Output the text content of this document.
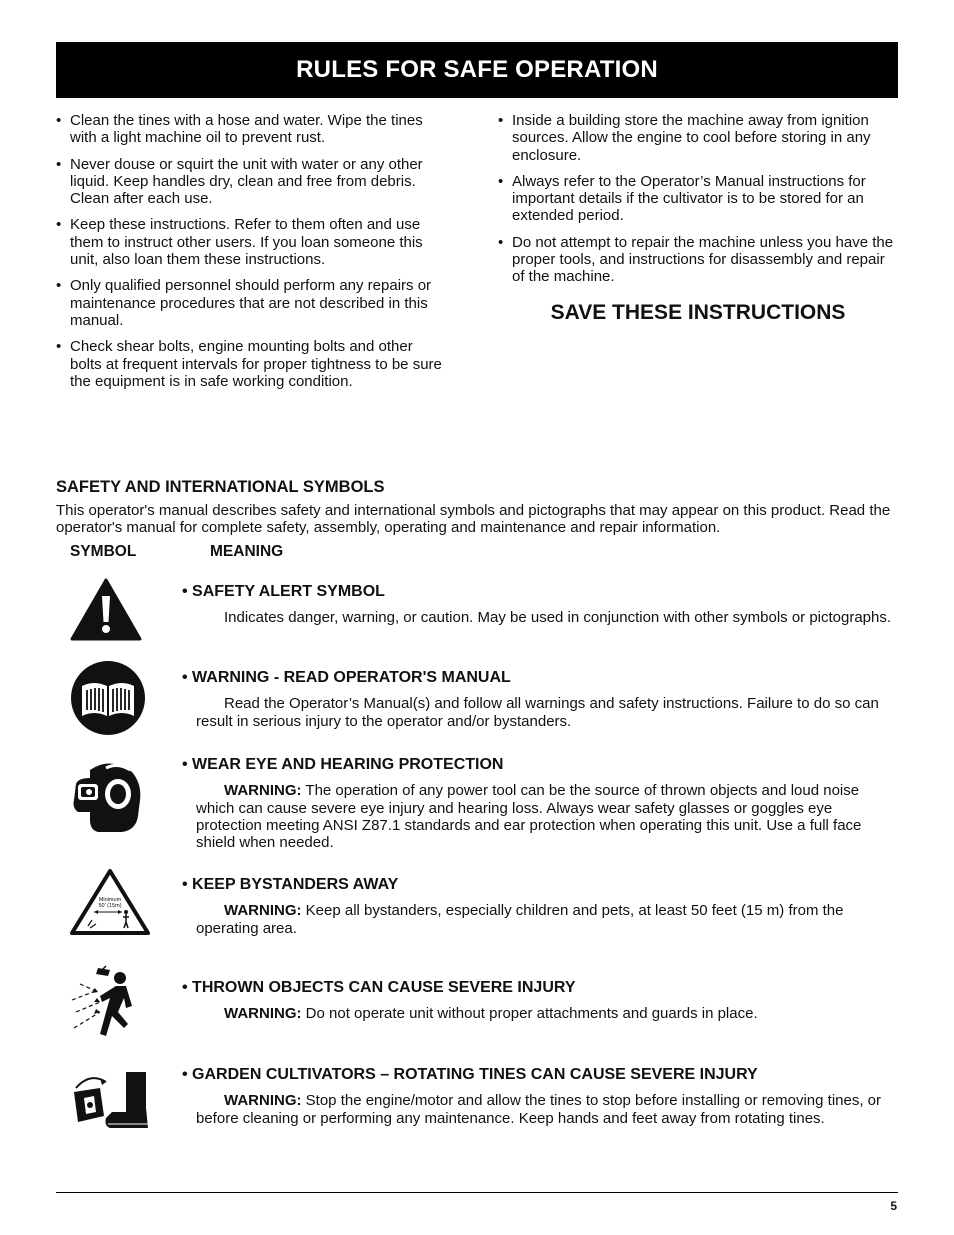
RULES FOR SAFE OPERATION
• Clean the tines with a hose and water. Wipe the tines with a light machine oil to prevent rust.
• Never douse or squirt the unit with water or any other liquid. Keep handles dry, clean and free from debris. Clean after each use.
• Keep these instructions. Refer to them often and use them to instruct other users. If you loan someone this unit, also loan them these instructions.
• Only qualified personnel should perform any repairs or maintenance procedures that are not described in this manual.
• Check shear bolts, engine mounting bolts and other bolts at frequent intervals for proper tightness to be sure the equipment is in safe working condition.
• Inside a building store the machine away from ignition sources. Allow the engine to cool before storing in any enclosure.
• Always refer to the Operator’s Manual instructions for important details if the cultivator is to be stored for an extended period.
• Do not attempt to repair the machine unless you have the proper tools, and instructions for disassembly and repair of the machine.
SAVE THESE INSTRUCTIONS
SAFETY AND INTERNATIONAL SYMBOLS
This operator's manual describes safety and international symbols and pictographs that may appear on this product. Read the operator's manual for complete safety, assembly, operating and maintenance and repair information.
SYMBOL	MEANING
• SAFETY ALERT SYMBOL
Indicates danger, warning, or caution. May be used in conjunction with other symbols or pictographs.
• WARNING - READ OPERATOR'S MANUAL
Read the Operator’s Manual(s) and follow all warnings and safety instructions. Failure to do so can result in serious injury to the operator and/or bystanders.
• WEAR EYE AND HEARING PROTECTION
WARNING: The operation of any power tool can be the source of thrown objects and loud noise which can cause severe eye injury and hearing loss. Always wear safety glasses or goggles eye protection meeting ANSI Z87.1 standards and ear protection when operating this unit. Use a full face shield when needed.
Minimum
50' (15m)
• KEEP BYSTANDERS AWAY
WARNING: Keep all bystanders, especially children and pets, at least 50 feet (15 m) from the operating area.
• THROWN OBJECTS CAN CAUSE SEVERE INJURY
WARNING: Do not operate unit without proper attachments and guards in place.
• GARDEN CULTIVATORS – ROTATING TINES CAN CAUSE SEVERE INJURY
WARNING: Stop the engine/motor and allow the tines to stop before installing or removing tines, or before cleaning or performing any maintenance. Keep hands and feet away from rotating tines.
5
